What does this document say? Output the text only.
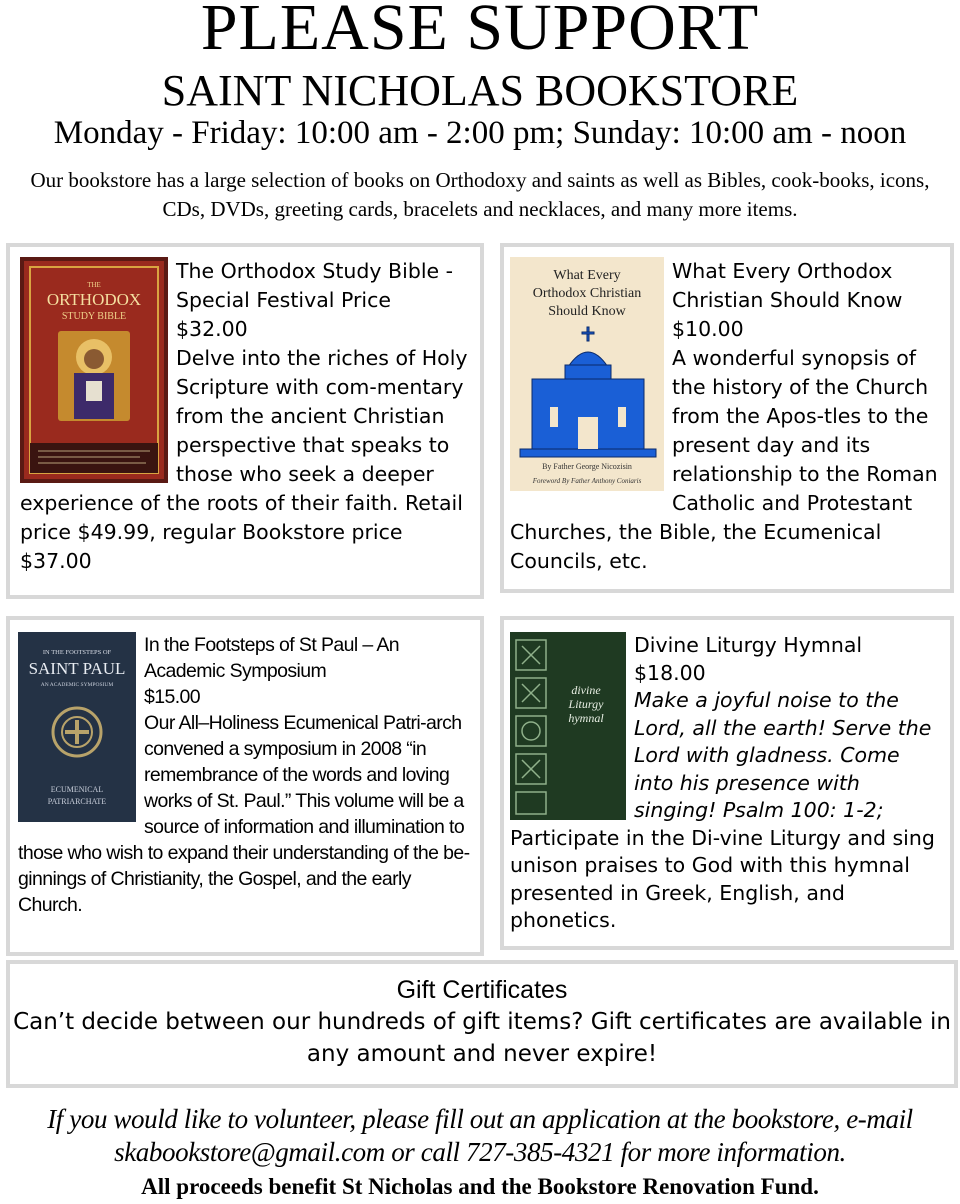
PLEASE SUPPORT
SAINT NICHOLAS BOOKSTORE
Monday - Friday: 10:00 am - 2:00 pm; Sunday: 10:00 am - noon
Our bookstore has a large selection of books on Orthodoxy and saints as well as Bibles, cook-books, icons, CDs, DVDs, greeting cards, bracelets and necklaces, and many more items.
THE
ORTHODOX
STUDY BIBLE
The Orthodox Study Bible - Special Festival Price
$32.00
Delve into the riches of Holy Scripture with com-mentary from the ancient Christian perspective that speaks to those who seek a deeper experience of the roots of their faith. Retail price $49.99, regular Bookstore price $37.00
What Every
Orthodox Christian
Should Know
By Father George Nicozisin
Foreword By Father Anthony Coniaris
What Every Orthodox Christian Should Know $10.00
A wonderful synopsis of the history of the Church from the Apos-tles to the present day and its relationship to the Roman Catholic and Protestant Churches, the Bible, the Ecumenical Councils, etc.
IN THE FOOTSTEPS OF
SAINT PAUL
AN ACADEMIC SYMPOSIUM
ECUMENICAL
PATRIARCHATE
In the Footsteps of St Paul – An Academic Symposium
$15.00
Our All–Holiness Ecumenical Patri-arch convened a symposium in 2008 “in remembrance of the words and loving works of St. Paul.” This volume will be a source of information and illumination to those who wish to expand their understanding of the be-ginnings of Christianity, the Gospel, and the early Church.
divine
Liturgy
hymnal
Divine Liturgy Hymnal
$18.00
Make a joyful noise to the Lord, all the earth! Serve the Lord with gladness. Come into his presence with singing! Psalm 100: 1-2; Participate in the Di-vine Liturgy and sing unison praises to God with this hymnal presented in Greek, English, and phonetics.
Gift Certificates
Can’t decide between our hundreds of gift items? Gift certificates are available in any amount and never expire!
If you would like to volunteer, please fill out an application at the bookstore, e-mail skabookstore@gmail.com or call 727-385-4321 for more information.
All proceeds benefit St Nicholas and the Bookstore Renovation Fund.
